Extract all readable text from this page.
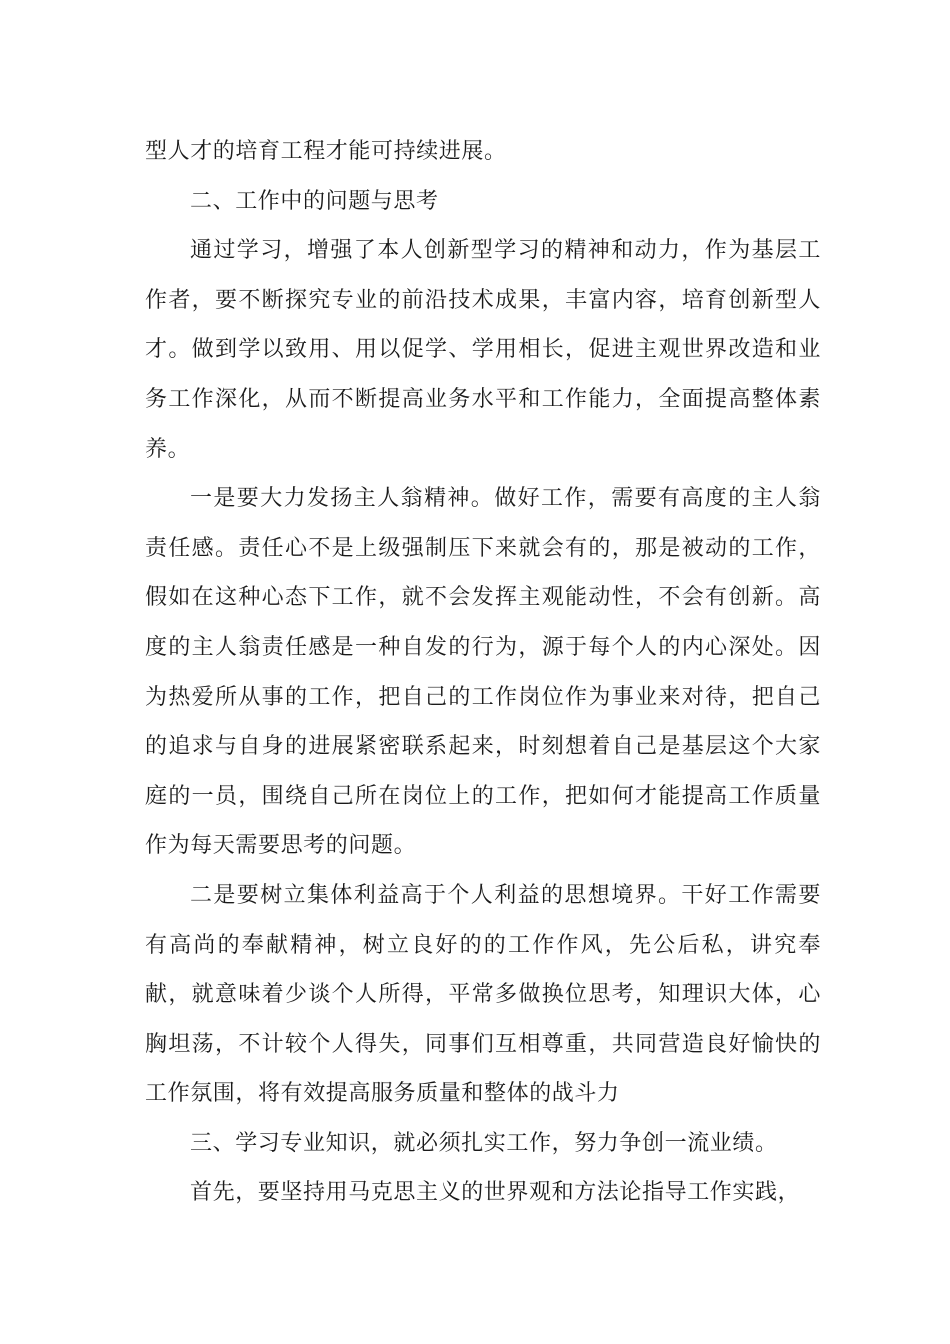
型人才的培育工程才能可持续进展。

二、工作中的问题与思考

通过学习，增强了本人创新型学习的精神和动力，作为基层工作者，要不断探究专业的前沿技术成果，丰富内容，培育创新型人才。做到学以致用、用以促学、学用相长，促进主观世界改造和业务工作深化，从而不断提高业务水平和工作能力，全面提高整体素养。

一是要大力发扬主人翁精神。做好工作，需要有高度的主人翁责任感。责任心不是上级强制压下来就会有的，那是被动的工作，假如在这种心态下工作，就不会发挥主观能动性，不会有创新。高度的主人翁责任感是一种自发的行为，源于每个人的内心深处。因为热爱所从事的工作，把自己的工作岗位作为事业来对待，把自己的追求与自身的进展紧密联系起来，时刻想着自己是基层这个大家庭的一员，围绕自己所在岗位上的工作，把如何才能提高工作质量作为每天需要思考的问题。

二是要树立集体利益高于个人利益的思想境界。干好工作需要有高尚的奉献精神，树立良好的的工作作风，先公后私，讲究奉献，就意味着少谈个人所得，平常多做换位思考，知理识大体，心胸坦荡，不计较个人得失，同事们互相尊重，共同营造良好愉快的工作氛围，将有效提高服务质量和整体的战斗力

三、学习专业知识，就必须扎实工作，努力争创一流业绩。

首先，要坚持用马克思主义的世界观和方法论指导工作实践，
